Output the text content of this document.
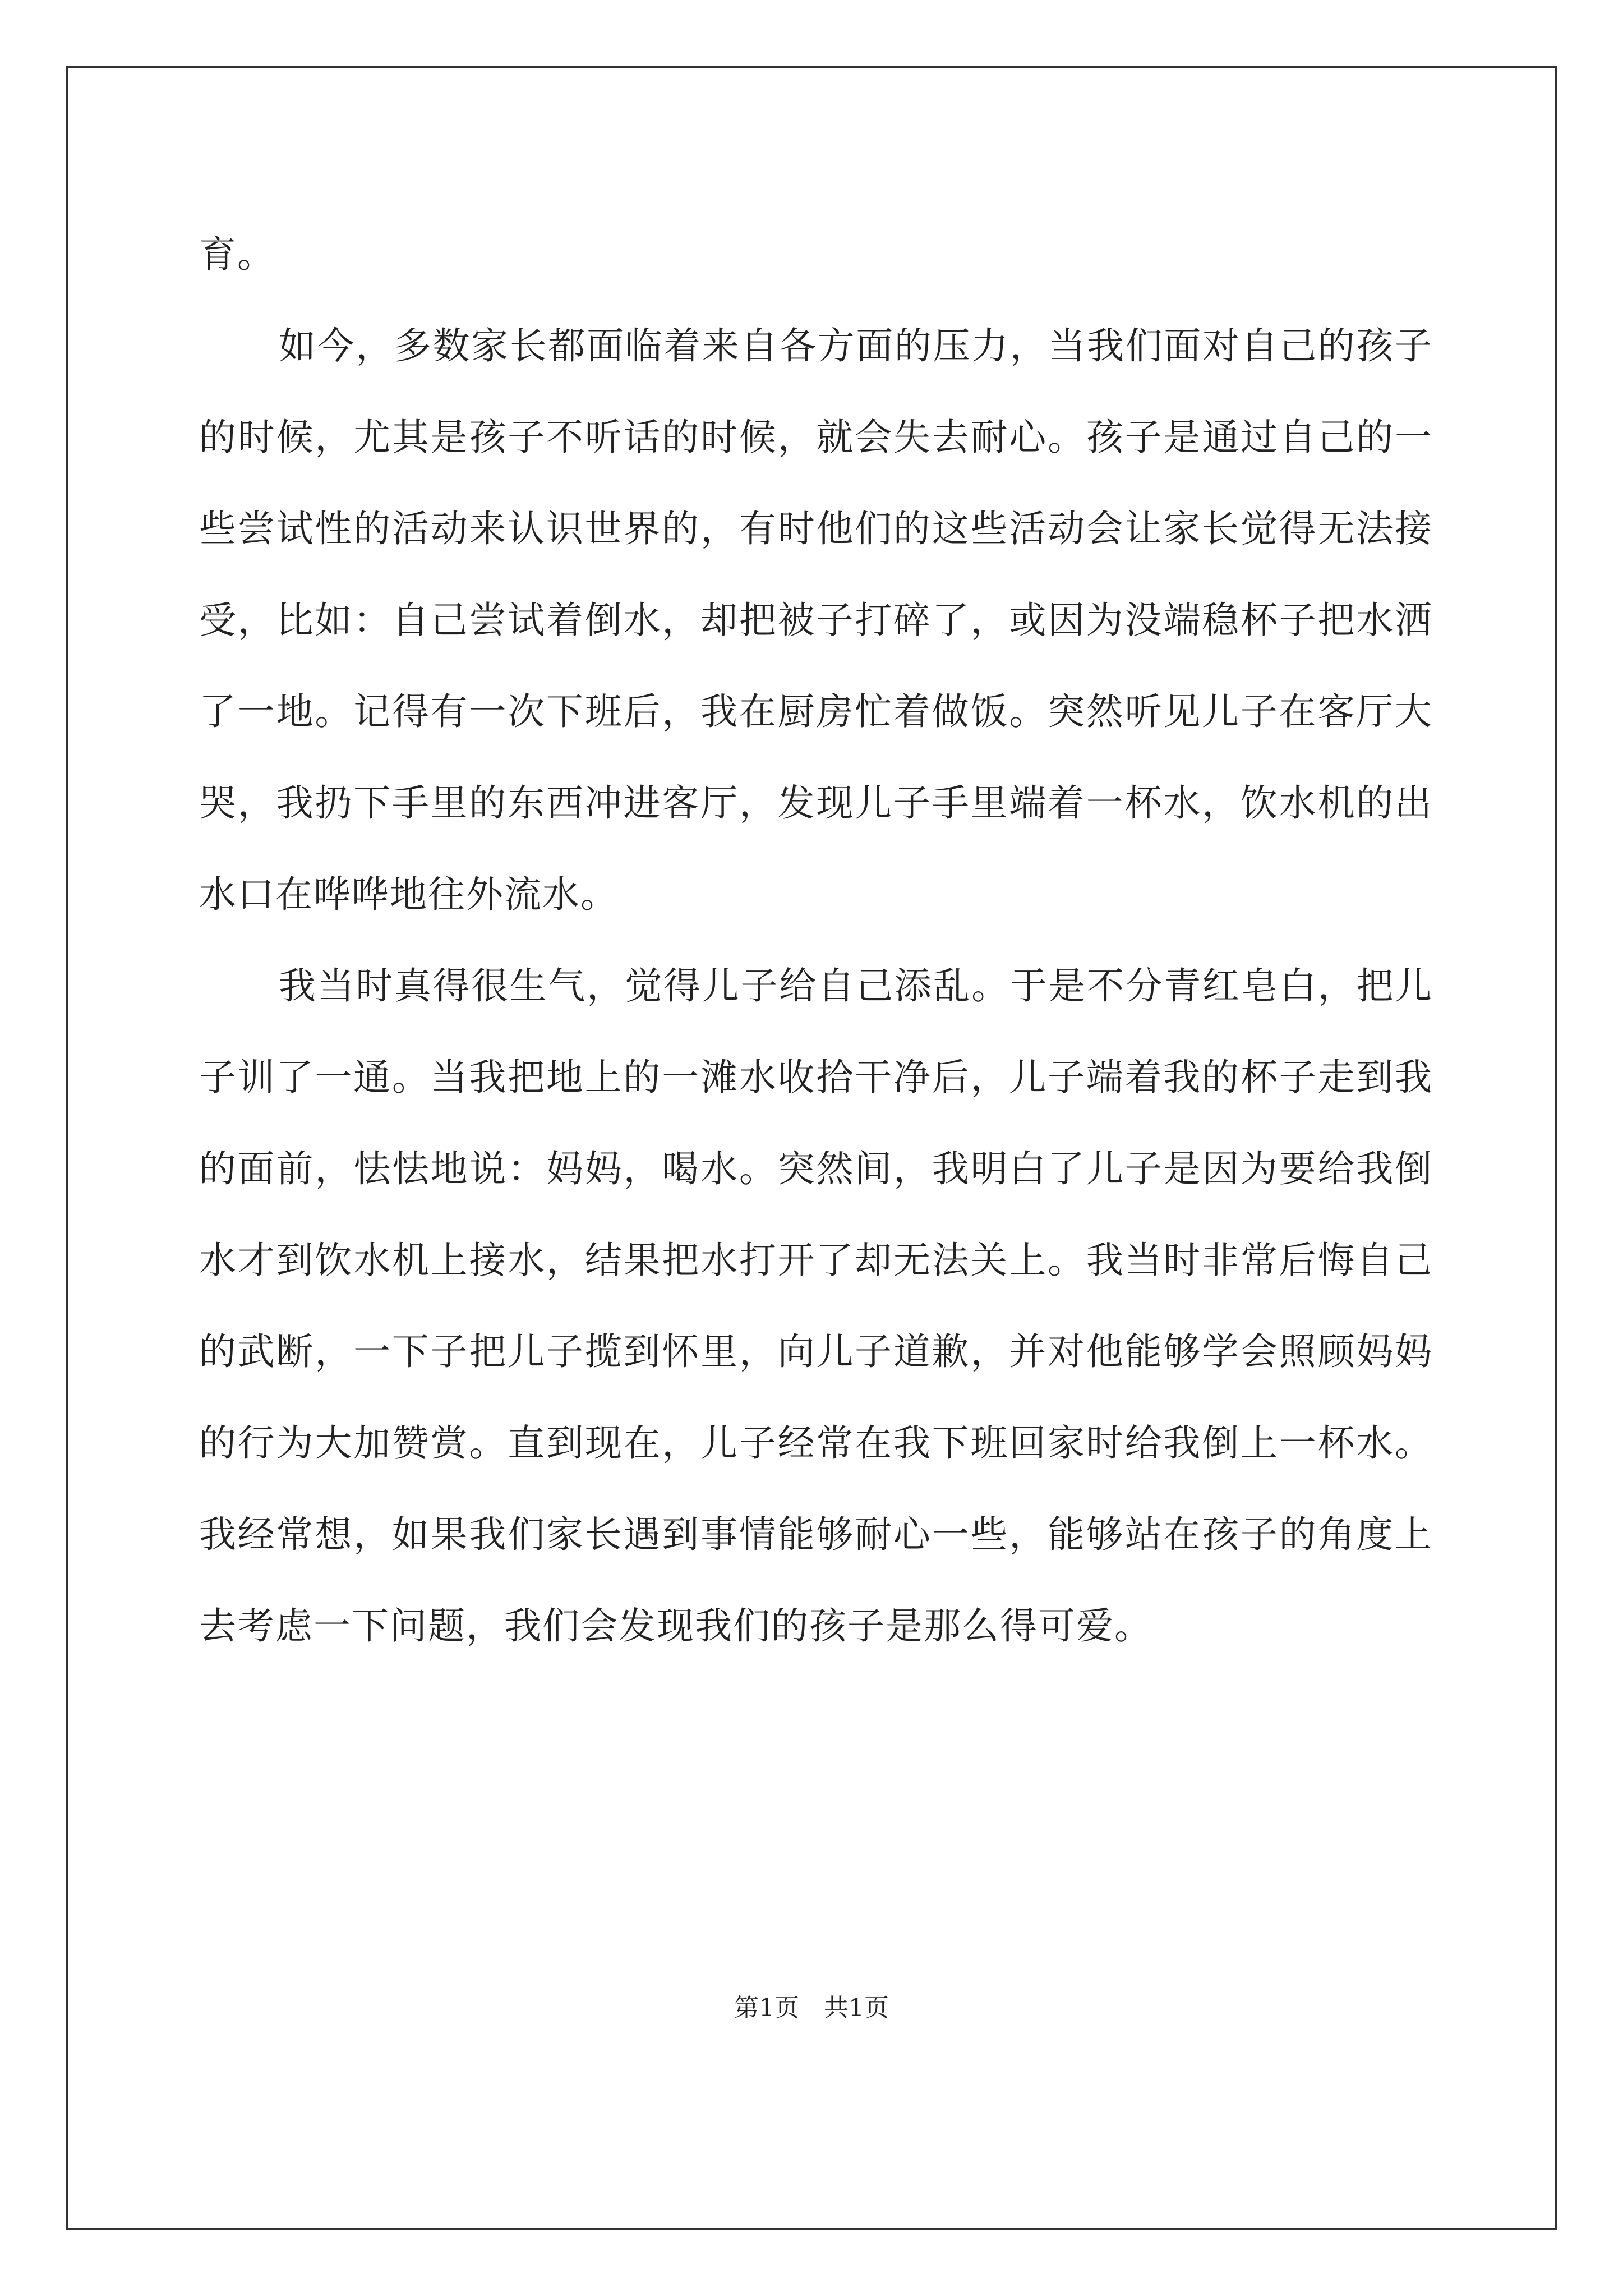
育。

如今，多数家长都面临着来自各方面的压力，当我们面对自己的孩子的时候，尤其是孩子不听话的时候，就会失去耐心。孩子是通过自己的一些尝试性的活动来认识世界的，有时他们的这些活动会让家长觉得无法接受，比如：自己尝试着倒水，却把被子打碎了，或因为没端稳杯子把水洒了一地。记得有一次下班后，我在厨房忙着做饭。突然听见儿子在客厅大哭，我扔下手里的东西冲进客厅，发现儿子手里端着一杯水，饮水机的出水口在哗哗地往外流水。

我当时真得很生气，觉得儿子给自己添乱。于是不分青红皂白，把儿子训了一通。当我把地上的一滩水收拾干净后，儿子端着我的杯子走到我的面前，怯怯地说：妈妈，喝水。突然间，我明白了儿子是因为要给我倒水才到饮水机上接水，结果把水打开了却无法关上。我当时非常后悔自己的武断，一下子把儿子揽到怀里，向儿子道歉，并对他能够学会照顾妈妈的行为大加赞赏。直到现在，儿子经常在我下班回家时给我倒上一杯水。我经常想，如果我们家长遇到事情能够耐心一些，能够站在孩子的角度上去考虑一下问题，我们会发现我们的孩子是那么得可爱。

第1页　共1页
